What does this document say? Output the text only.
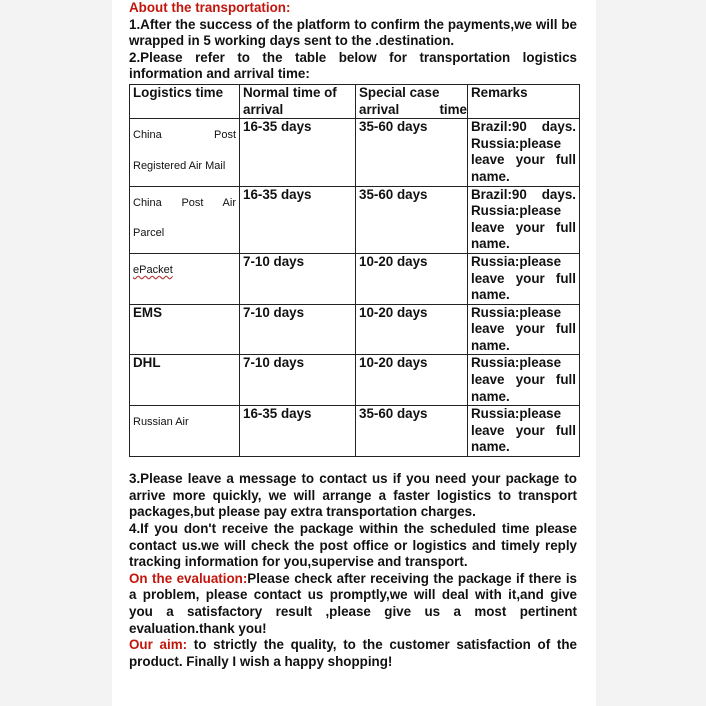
About the transportation:

1.After the success of the platform to confirm the payments,we will be wrapped in 5 working days sent to the .destination.

2.Please refer to the table below for transportation logistics information and arrival time:

Logistics time	Normal time of arrival	Special case arrival time	Remarks

China Post
Registered Air Mail	16-35 days	35-60 days	Brazil:90 days. Russia:please leave your full name.

China Post Air
Parcel	16-35 days	35-60 days	Brazil:90 days. Russia:please leave your full name.

ePacket	7-10 days	10-20 days	Russia:please leave your full name.
EMS	7-10 days	10-20 days	Russia:please leave your full name.
DHL	7-10 days	10-20 days	Russia:please leave your full name.

Russian Air	16-35 days	35-60 days	Russia:please leave your full name.

3.Please leave a message to contact us if you need your package to arrive more quickly, we will arrange a faster logistics to transport packages,but please pay extra transportation charges.

4.If you don't receive the package within the scheduled time please contact us.we will check the post office or logistics and timely reply tracking information for you,supervise and transport.

On the evaluation:Please check after receiving the package if there is a problem, please contact us promptly,we will deal with it,and give you a satisfactory result ,please give us a most pertinent evaluation.thank you!

Our aim: to strictly the quality, to the customer satisfaction of the product. Finally I wish a happy shopping!
